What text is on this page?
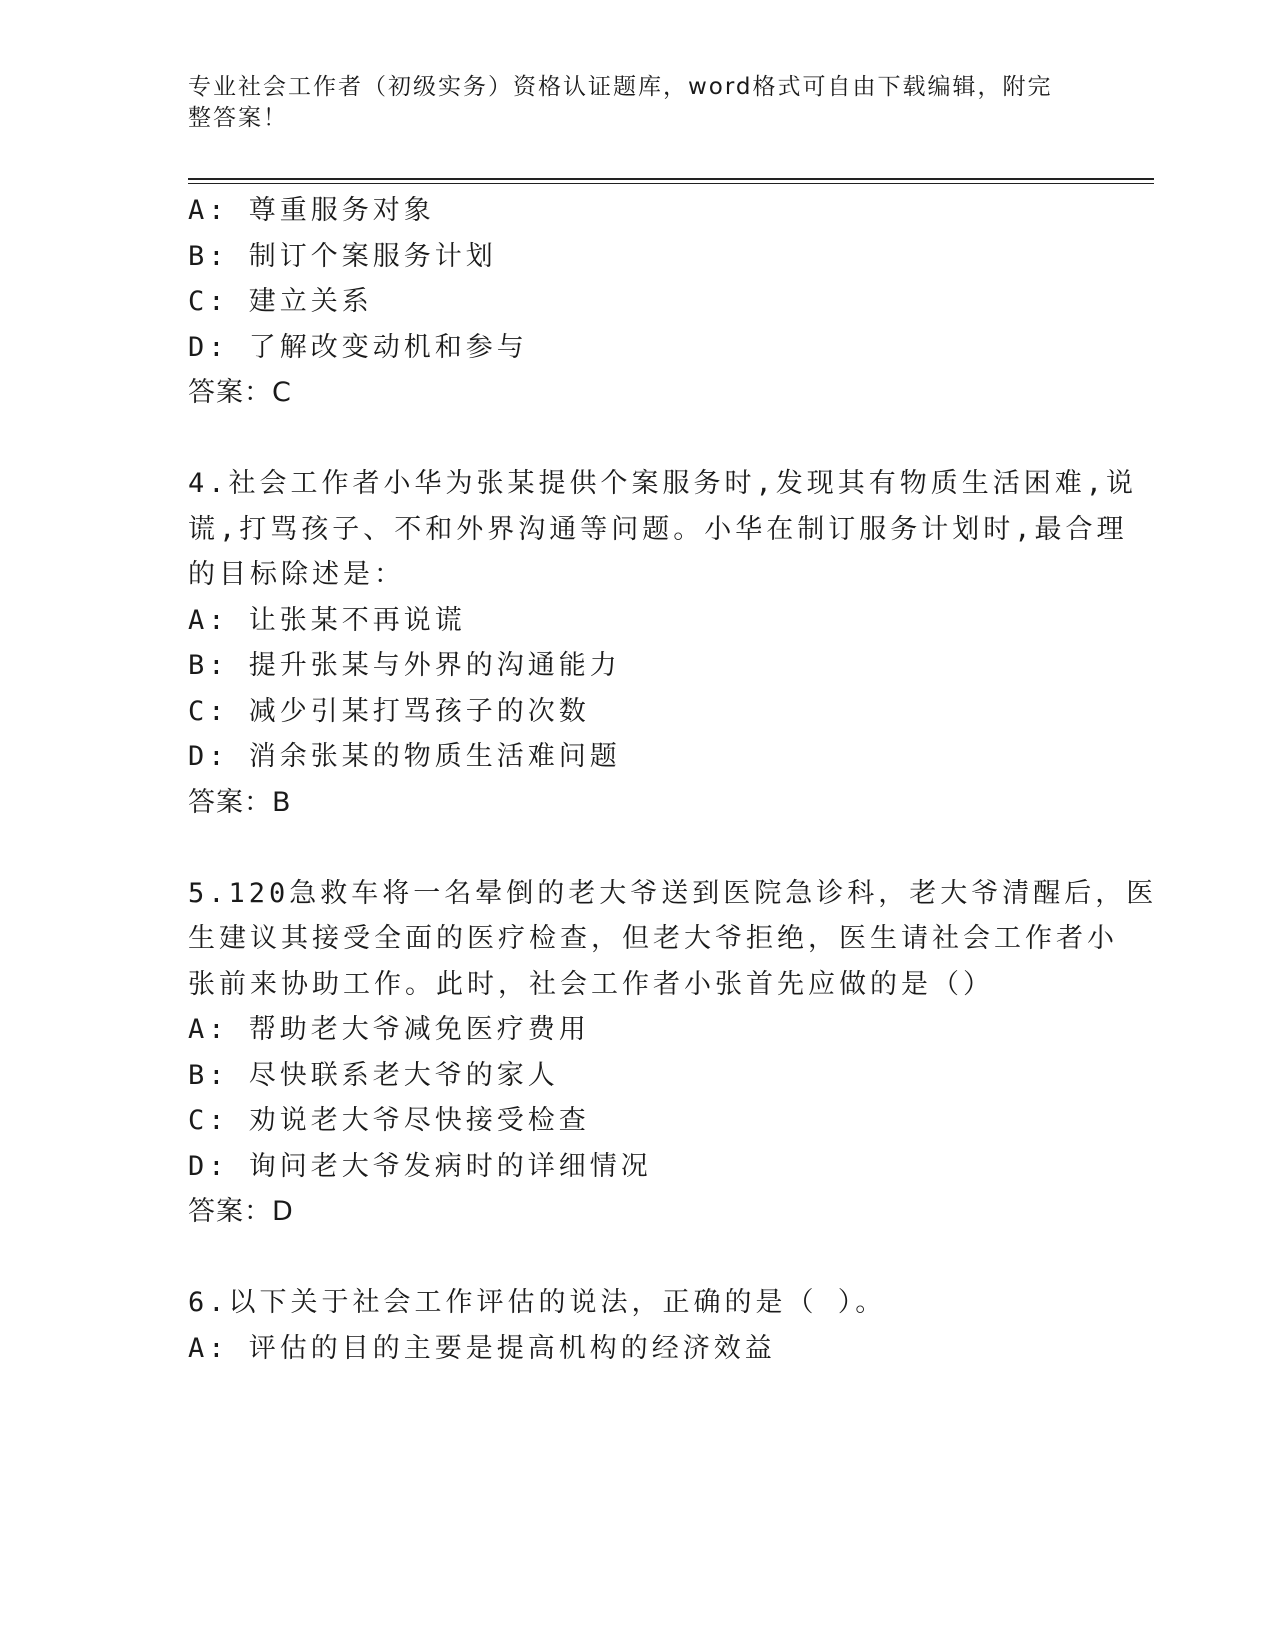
专业社会工作者（初级实务）资格认证题库，word格式可自由下载编辑，附完整答案！
A: 尊重服务对象
B: 制订个案服务计划
C: 建立关系
D: 了解改变动机和参与
答案：C
4.社会工作者小华为张某提供个案服务时,发现其有物质生活困难,说
谎,打骂孩子、不和外界沟通等问题。小华在制订服务计划时,最合理
的目标除述是：
A: 让张某不再说谎
B: 提升张某与外界的沟通能力
C: 减少引某打骂孩子的次数
D: 消余张某的物质生活难问题
答案：B
5.120急救车将一名晕倒的老大爷送到医院急诊科，老大爷清醒后，医
生建议其接受全面的医疗检查，但老大爷拒绝，医生请社会工作者小
张前来协助工作。此时，社会工作者小张首先应做的是（）
A: 帮助老大爷减免医疗费用
B: 尽快联系老大爷的家人
C: 劝说老大爷尽快接受检查
D: 询问老大爷发病时的详细情况
答案：D
6.以下关于社会工作评估的说法，正确的是（ ）。
A: 评估的目的主要是提高机构的经济效益
